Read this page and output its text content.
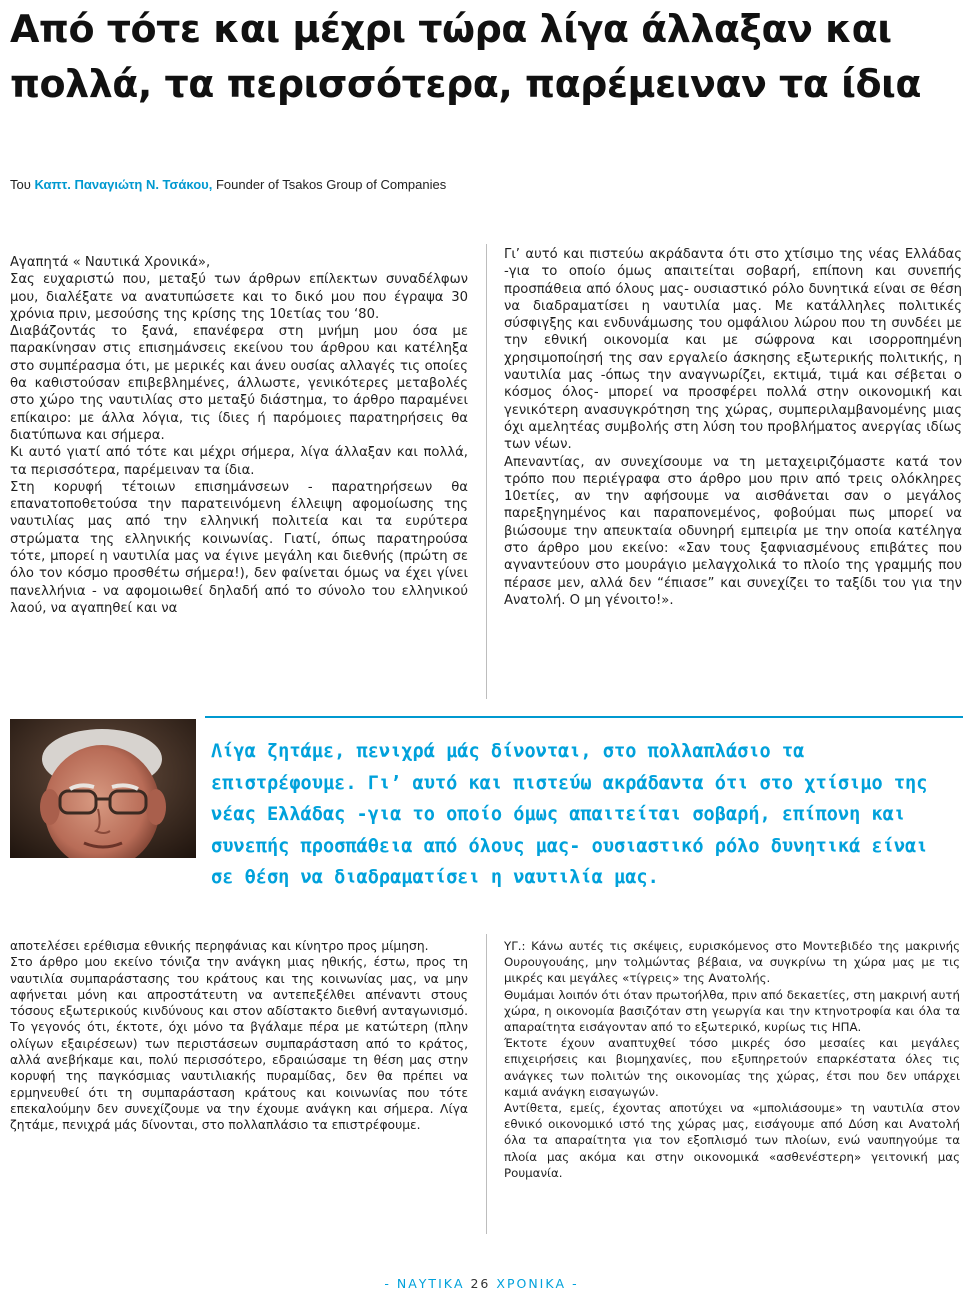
Από τότε και μέχρι τώρα λίγα άλλαξαν και πολλά, τα περισσότερα, παρέμειναν τα ίδια
Του Καπτ. Παναγιώτη Ν. Τσάκου, Founder of Tsakos Group of Companies

Αγαπητά « Ναυτικά Χρονικά»,

Σας ευχαριστώ που, μεταξύ των άρθρων επίλεκτων συναδέλφων μου, διαλέξατε να ανατυπώσετε και το δικό μου που έγραψα 30 χρόνια πριν, μεσούσης της κρίσης της 10ετίας του ‘80.

Διαβάζοντάς το ξανά, επανέφερα στη μνήμη μου όσα με παρακίνησαν στις επισημάνσεις εκείνου του άρθρου και κατέληξα στο συμπέρασμα ότι, με μερικές και άνευ ουσίας αλλαγές τις οποίες θα καθιστούσαν επιβεβλημένες, άλλωστε, γενικότερες μεταβολές στο χώρο της ναυτιλίας στο μεταξύ διάστημα, το άρθρο παραμένει επίκαιρο: με άλλα λόγια, τις ίδιες ή παρόμοιες παρατηρήσεις θα διατύπωνα και σήμερα.

Κι αυτό γιατί από τότε και μέχρι σήμερα, λίγα άλλαξαν και πολλά, τα περισσότερα, παρέμειναν τα ίδια.

Στη κορυφή τέτοιων επισημάνσεων - παρατηρήσεων θα επανατοποθετούσα την παρατεινόμενη έλλειψη αφομοίωσης της ναυτιλίας μας από την ελληνική πολιτεία και τα ευρύτερα στρώματα της ελληνικής κοινωνίας. Γιατί, όπως παρατηρούσα τότε, μπορεί η ναυτιλία μας να έγινε μεγάλη και διεθνής (πρώτη σε όλο τον κόσμο προσθέτω σήμερα!), δεν φαίνεται όμως να έχει γίνει πανελλήνια - να αφομοιωθεί δηλαδή από το σύνολο του ελληνικού λαού, να αγαπηθεί και να

Γι’ αυτό και πιστεύω ακράδαντα ότι στο χτίσιμο της νέας Ελλάδας -για το οποίο όμως απαιτείται σοβαρή, επίπονη και συνεπής προσπάθεια από όλους μας- ουσιαστικό ρόλο δυνητικά είναι σε θέση να διαδραματίσει η ναυτιλία μας. Με κατάλληλες πολιτικές σύσφιγξης και ενδυνάμωσης του ομφάλιου λώρου που τη συνδέει με την εθνική οικονομία και με σώφρονα και ισορροπημένη χρησιμοποίησή της σαν εργαλείο άσκησης εξωτερικής πολιτικής, η ναυτιλία μας -όπως την αναγνωρίζει, εκτιμά, τιμά και σέβεται ο κόσμος όλος- μπορεί να προσφέρει πολλά στην οικονομική και γενικότερη ανασυγκρότηση της χώρας, συμπεριλαμβανομένης μιας όχι αμελητέας συμβολής στη λύση του προβλήματος ανεργίας ιδίως των νέων.

Απεναντίας, αν συνεχίσουμε να τη μεταχειριζόμαστε κατά τον τρόπο που περιέγραφα στο άρθρο μου πριν από τρεις ολόκληρες 10ετίες, αν την αφήσουμε να αισθάνεται σαν ο μεγάλος παρεξηγημένος και παραπονεμένος, φοβούμαι πως μπορεί να βιώσουμε την απευκταία οδυνηρή εμπειρία με την οποία κατέληγα στο άρθρο μου εκείνο: «Σαν τους ξαφνιασμένους επιβάτες που αγναντεύουν στο μουράγιο μελαγχολικά το πλοίο της γραμμής που πέρασε μεν, αλλά δεν “έπιασε” και συνεχίζει το ταξίδι του για την Ανατολή. Ο μη γένοιτο!».

Λίγα ζητάμε, πενιχρά μάς δίνονται, στο πολλαπλάσιο τα επιστρέφουμε. Γι’ αυτό και πιστεύω ακράδαντα ότι στο χτίσιμο της νέας Ελλάδας -για το οποίο όμως απαιτείται σοβαρή, επίπονη και συνεπής προσπάθεια από όλους μας- ουσιαστικό ρόλο δυνητικά είναι σε θέση να διαδραματίσει η ναυτιλία μας.

αποτελέσει ερέθισμα εθνικής περηφάνιας και κίνητρο προς μίμηση.

Στο άρθρο μου εκείνο τόνιζα την ανάγκη μιας ηθικής, έστω, προς τη ναυτιλία συμπαράστασης του κράτους και της κοινωνίας μας, να μην αφήνεται μόνη και απροστάτευτη να αντεπεξέλθει απέναντι στους τόσους εξωτερικούς κινδύνους και στον αδίστακτο διεθνή ανταγωνισμό. Το γεγονός ότι, έκτοτε, όχι μόνο τα βγάλαμε πέρα με κατώτερη (πλην ολίγων εξαιρέσεων) των περιστάσεων συμπαράσταση από το κράτος, αλλά ανεβήκαμε και, πολύ περισσότερο, εδραιώσαμε τη θέση μας στην κορυφή της παγκόσμιας ναυτιλιακής πυραμίδας, δεν θα πρέπει να ερμηνευθεί ότι τη συμπαράσταση κράτους και κοινωνίας που τότε επεκαλούμην δεν συνεχίζουμε να την έχουμε ανάγκη και σήμερα. Λίγα ζητάμε, πενιχρά μάς δίνονται, στο πολλαπλάσιο τα επιστρέφουμε.

ΥΓ.: Κάνω αυτές τις σκέψεις, ευρισκόμενος στο Μοντεβιδέο της μακρινής Ουρουγουάης, μην τολμώντας βέβαια, να συγκρίνω τη χώρα μας με τις μικρές και μεγάλες «τίγρεις» της Ανατολής.

Θυμάμαι λοιπόν ότι όταν πρωτοήλθα, πριν από δεκαετίες, στη μακρινή αυτή χώρα, η οικονομία βασιζόταν στη γεωργία και την κτηνοτροφία και όλα τα απαραίτητα εισάγονταν από το εξωτερικό, κυρίως τις ΗΠΑ.

Έκτοτε έχουν αναπτυχθεί τόσο μικρές όσο μεσαίες και μεγάλες επιχειρήσεις και βιομηχανίες, που εξυπηρετούν επαρκέστατα όλες τις ανάγκες των πολιτών της οικονομίας της χώρας, έτσι που δεν υπάρχει καμιά ανάγκη εισαγωγών.

Αντίθετα, εμείς, έχοντας αποτύχει να «μπολιάσουμε» τη ναυτιλία στον εθνικό οικονομικό ιστό της χώρας μας, εισάγουμε από Δύση και Ανατολή όλα τα απαραίτητα για τον εξοπλισμό των πλοίων, ενώ ναυπηγούμε τα πλοία μας ακόμα και στην οικονομικά «ασθενέστερη» γειτονική μας Ρουμανία.

- ΝΑΥΤΙΚΑ 26 ΧΡΟΝΙΚΑ -
